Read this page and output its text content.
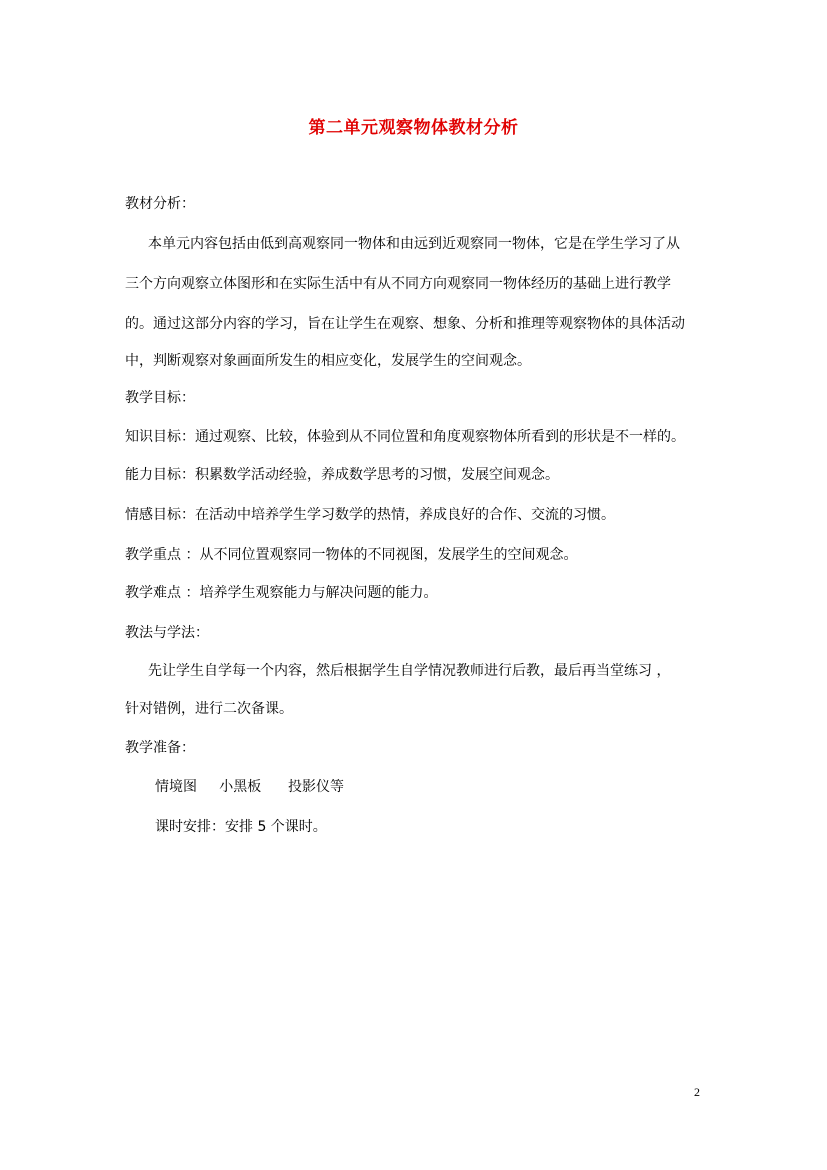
第二单元观察物体教材分析
教材分析：
本单元内容包括由低到高观察同一物体和由远到近观察同一物体，它是在学生学习了从
三个方向观察立体图形和在实际生活中有从不同方向观察同一物体经历的基础上进行教学
的。通过这部分内容的学习，旨在让学生在观察、想象、分析和推理等观察物体的具体活动
中，判断观察对象画面所发生的相应变化，发展学生的空间观念。
教学目标：
知识目标：通过观察、比较，体验到从不同位置和角度观察物体所看到的形状是不一样的。
能力目标：积累数学活动经验，养成数学思考的习惯，发展空间观念。
情感目标：在活动中培养学生学习数学的热情，养成良好的合作、交流的习惯。
教学重点 ：从不同位置观察同一物体的不同视图，发展学生的空间观念。
教学难点 ：培养学生观察能力与解决问题的能力。
教法与学法：
先让学生自学每一个内容，然后根据学生自学情况教师进行后教，最后再当堂练习 ，
针对错例，进行二次备课。
教学准备：
情境图     小黑板      投影仪等
课时安排：安排 5 个课时。
2
